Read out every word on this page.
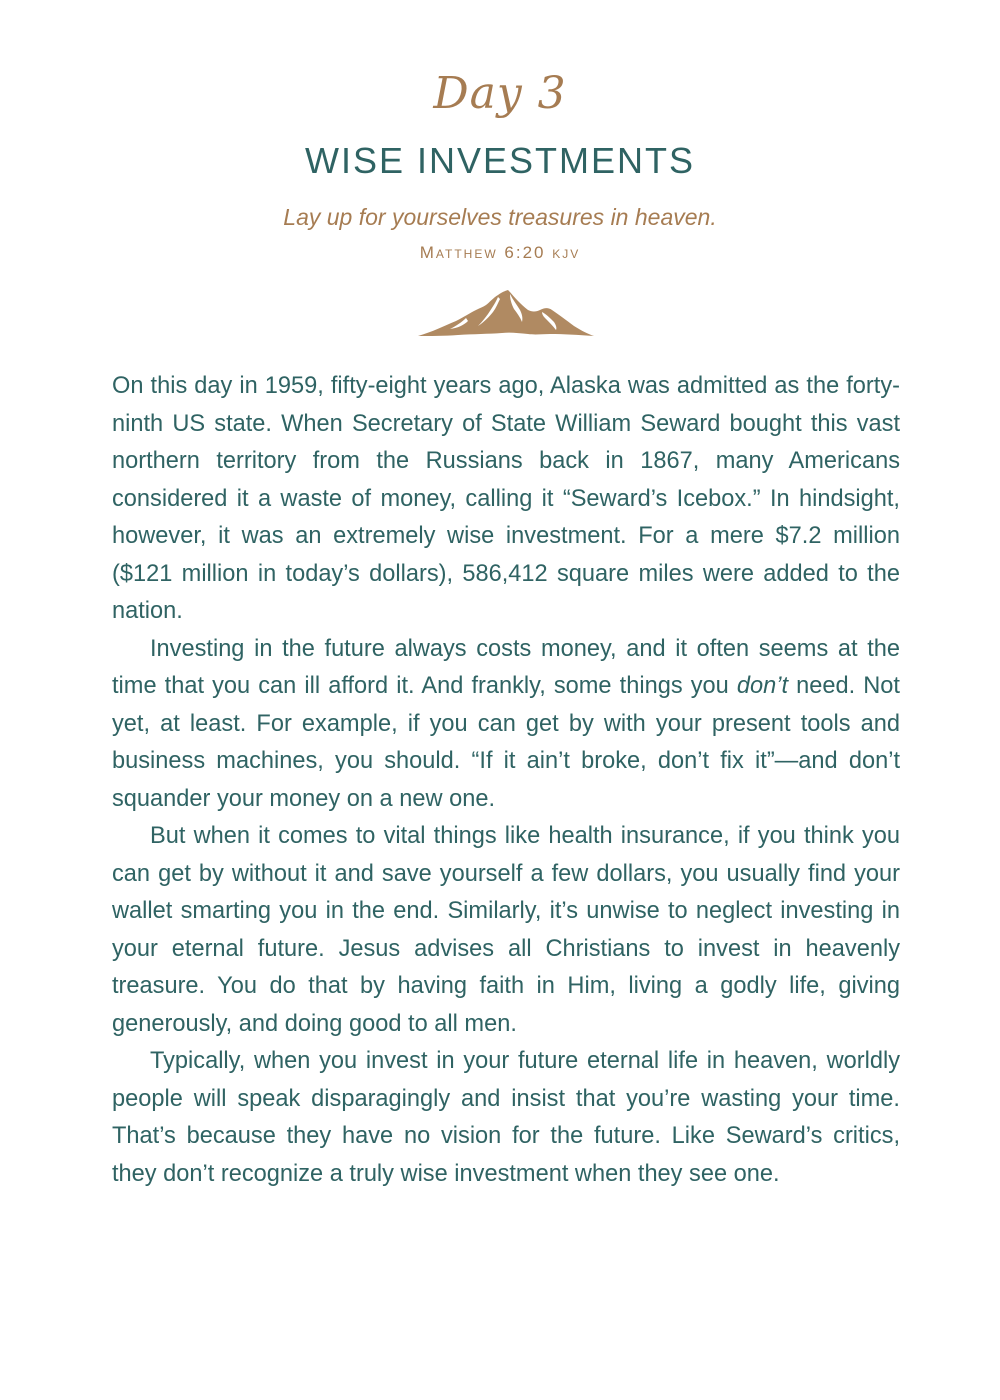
Day 3
WISE INVESTMENTS
Lay up for yourselves treasures in heaven.
Matthew 6:20 kjv

On this day in 1959, fifty-eight years ago, Alaska was admitted as the forty-ninth US state. When Secretary of State William Seward bought this vast northern territory from the Russians back in 1867, many Americans considered it a waste of money, calling it “Seward’s Icebox.” In hindsight, however, it was an extremely wise investment. For a mere $7.2 million ($121 million in today’s dollars), 586,412 square miles were added to the nation.

Investing in the future always costs money, and it often seems at the time that you can ill afford it. And frankly, some things you don’t need. Not yet, at least. For example, if you can get by with your present tools and business machines, you should. “If it ain’t broke, don’t fix it”—and don’t squander your money on a new one.

But when it comes to vital things like health insurance, if you think you can get by without it and save yourself a few dollars, you usually find your wallet smarting you in the end. Similarly, it’s unwise to neglect investing in your eternal future. Jesus advises all Christians to invest in heavenly treasure. You do that by having faith in Him, living a godly life, giving generously, and doing good to all men.

Typically, when you invest in your future eternal life in heaven, worldly people will speak disparagingly and insist that you’re wasting your time. That’s because they have no vision for the future. Like Seward’s critics, they don’t recognize a truly wise investment when they see one.
